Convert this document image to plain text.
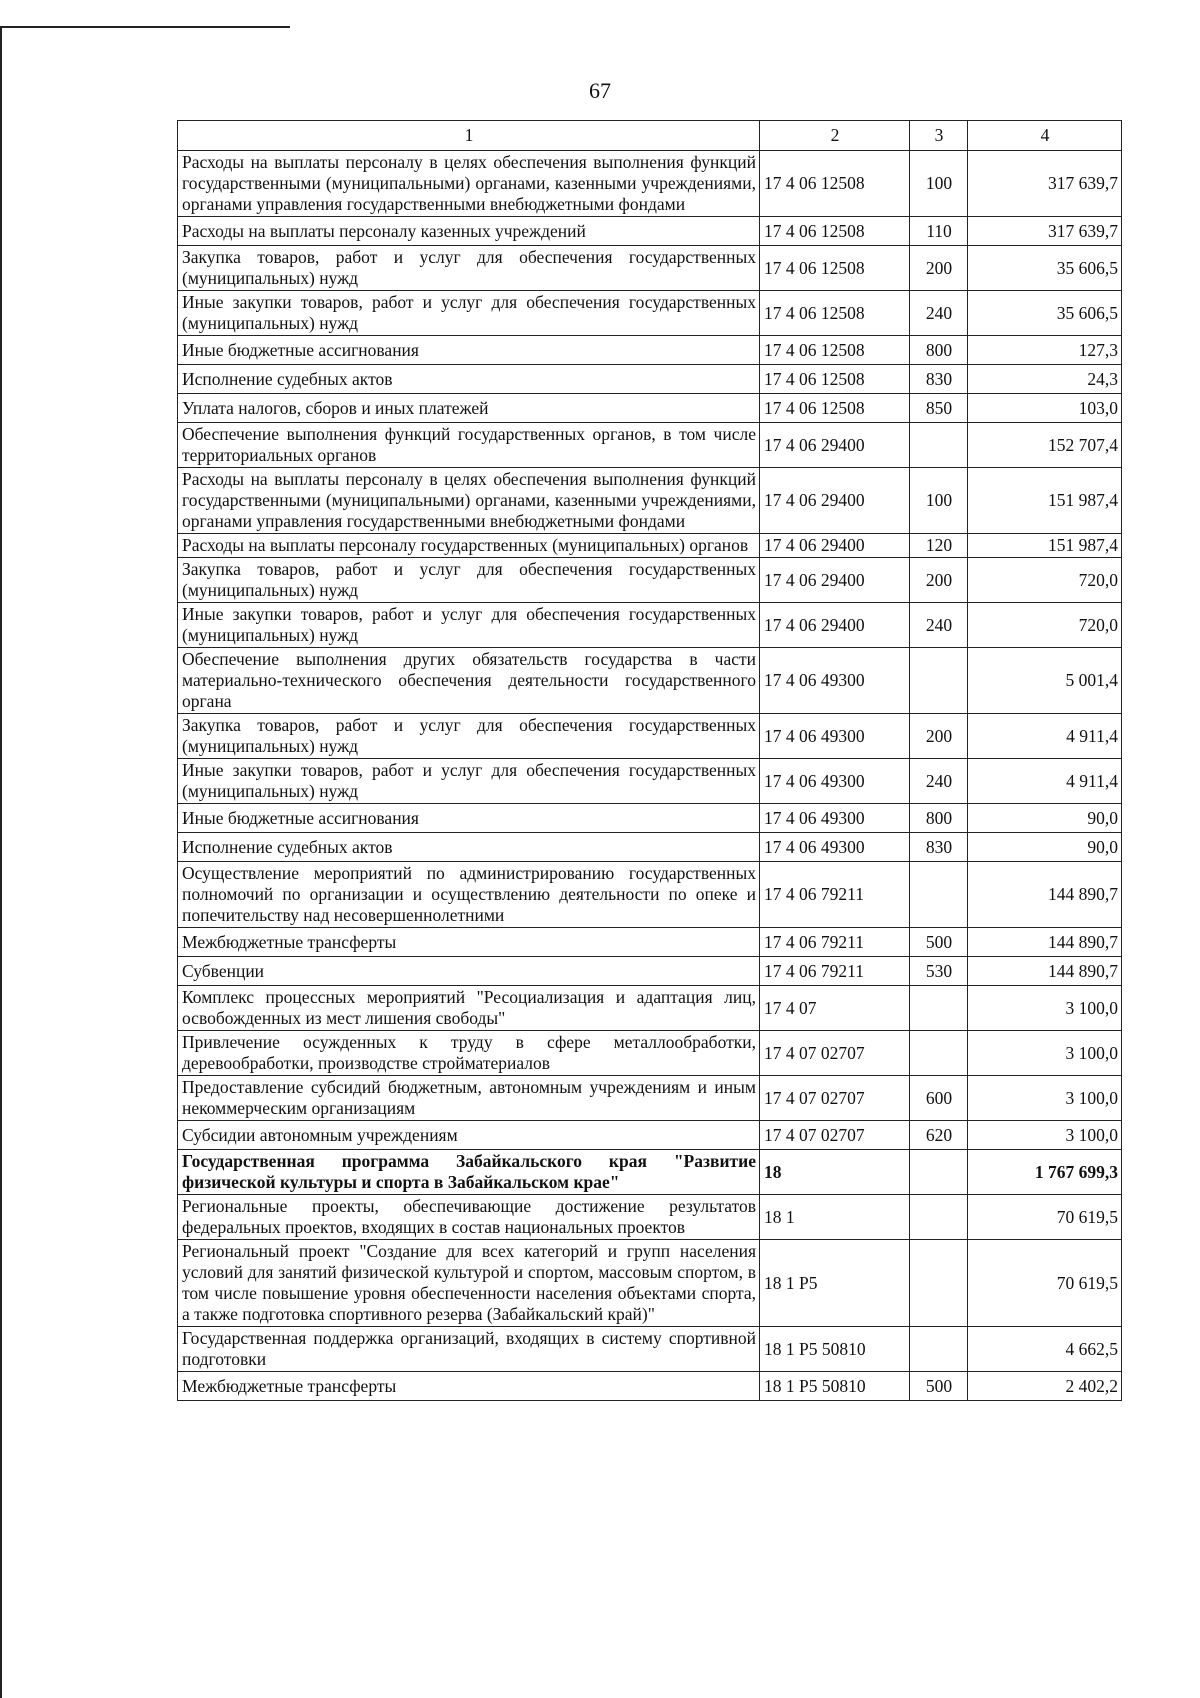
67
1	2	3	4
Расходы на выплаты персоналу в целях обеспечения выполнения функций государственными (муниципальными) органами, казенными учреждениями, органами управления государственными внебюджетными фондами	17 4 06 12508	100	317 639,7
Расходы на выплаты персоналу казенных учреждений	17 4 06 12508	110	317 639,7
Закупка товаров, работ и услуг для обеспечения государственных (муниципальных) нужд	17 4 06 12508	200	35 606,5
Иные закупки товаров, работ и услуг для обеспечения государственных (муниципальных) нужд	17 4 06 12508	240	35 606,5
Иные бюджетные ассигнования	17 4 06 12508	800	127,3
Исполнение судебных актов	17 4 06 12508	830	24,3
Уплата налогов, сборов и иных платежей	17 4 06 12508	850	103,0
Обеспечение выполнения функций государственных органов, в том числе территориальных органов	17 4 06 29400		152 707,4
Расходы на выплаты персоналу в целях обеспечения выполнения функций государственными (муниципальными) органами, казенными учреждениями, органами управления государственными внебюджетными фондами	17 4 06 29400	100	151 987,4
Расходы на выплаты персоналу государственных (муниципальных) органов	17 4 06 29400	120	151 987,4
Закупка товаров, работ и услуг для обеспечения государственных (муниципальных) нужд	17 4 06 29400	200	720,0
Иные закупки товаров, работ и услуг для обеспечения государственных (муниципальных) нужд	17 4 06 29400	240	720,0
Обеспечение выполнения других обязательств государства в части материально-технического обеспечения деятельности государственного органа	17 4 06 49300		5 001,4
Закупка товаров, работ и услуг для обеспечения государственных (муниципальных) нужд	17 4 06 49300	200	4 911,4
Иные закупки товаров, работ и услуг для обеспечения государственных (муниципальных) нужд	17 4 06 49300	240	4 911,4
Иные бюджетные ассигнования	17 4 06 49300	800	90,0
Исполнение судебных актов	17 4 06 49300	830	90,0
Осуществление мероприятий по администрированию государственных полномочий по организации и осуществлению деятельности по опеке и попечительству над несовершеннолетними	17 4 06 79211		144 890,7
Межбюджетные трансферты	17 4 06 79211	500	144 890,7
Субвенции	17 4 06 79211	530	144 890,7
Комплекс процессных мероприятий "Ресоциализация и адаптация лиц, освобожденных из мест лишения свободы"	17 4 07		3 100,0
Привлечение осужденных к труду в сфере металлообработки, деревообработки, производстве стройматериалов	17 4 07 02707		3 100,0
Предоставление субсидий бюджетным, автономным учреждениям и иным некоммерческим организациям	17 4 07 02707	600	3 100,0
Субсидии автономным учреждениям	17 4 07 02707	620	3 100,0
Государственная программа Забайкальского края "Развитие физической культуры и спорта в Забайкальском крае"	18		1 767 699,3
Региональные проекты, обеспечивающие достижение результатов федеральных проектов, входящих в состав национальных проектов	18 1		70 619,5
Региональный проект "Создание для всех категорий и групп населения условий для занятий физической культурой и спортом, массовым спортом, в том числе повышение уровня обеспеченности населения объектами спорта, а также подготовка спортивного резерва (Забайкальский край)"	18 1 P5		70 619,5
Государственная поддержка организаций, входящих в систему спортивной подготовки	18 1 P5 50810		4 662,5
Межбюджетные трансферты	18 1 P5 50810	500	2 402,2
